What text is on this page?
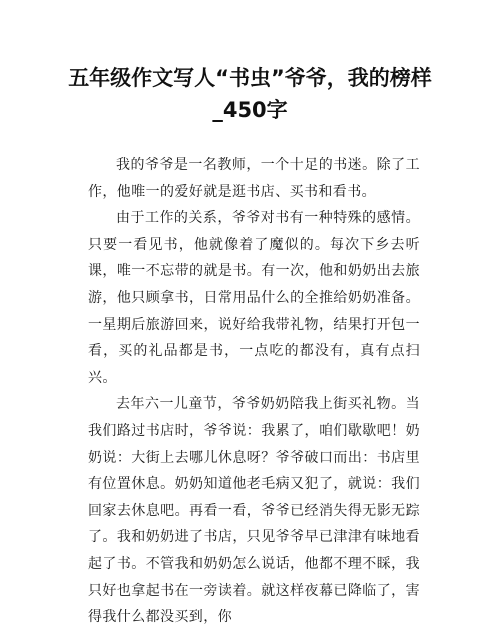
五年级作文写人“书虫”爷爷，我的榜样_450字

我的爷爷是一名教师，一个十足的书迷。除了工作，他唯一的爱好就是逛书店、买书和看书。

由于工作的关系，爷爷对书有一种特殊的感情。只要一看见书，他就像着了魔似的。每次下乡去听课，唯一不忘带的就是书。有一次，他和奶奶出去旅游，他只顾拿书，日常用品什么的全推给奶奶准备。一星期后旅游回来，说好给我带礼物，结果打开包一看，买的礼品都是书，一点吃的都没有，真有点扫兴。

去年六一儿童节，爷爷奶奶陪我上街买礼物。当我们路过书店时，爷爷说：我累了，咱们歇歇吧！奶奶说：大街上去哪儿休息呀？爷爷破口而出：书店里有位置休息。奶奶知道他老毛病又犯了，就说：我们回家去休息吧。再看一看，爷爷已经消失得无影无踪了。我和奶奶进了书店，只见爷爷早已津津有味地看起了书。不管我和奶奶怎么说话，他都不理不睬，我只好也拿起书在一旁读着。就这样夜幕已降临了，害得我什么都没买到，你
